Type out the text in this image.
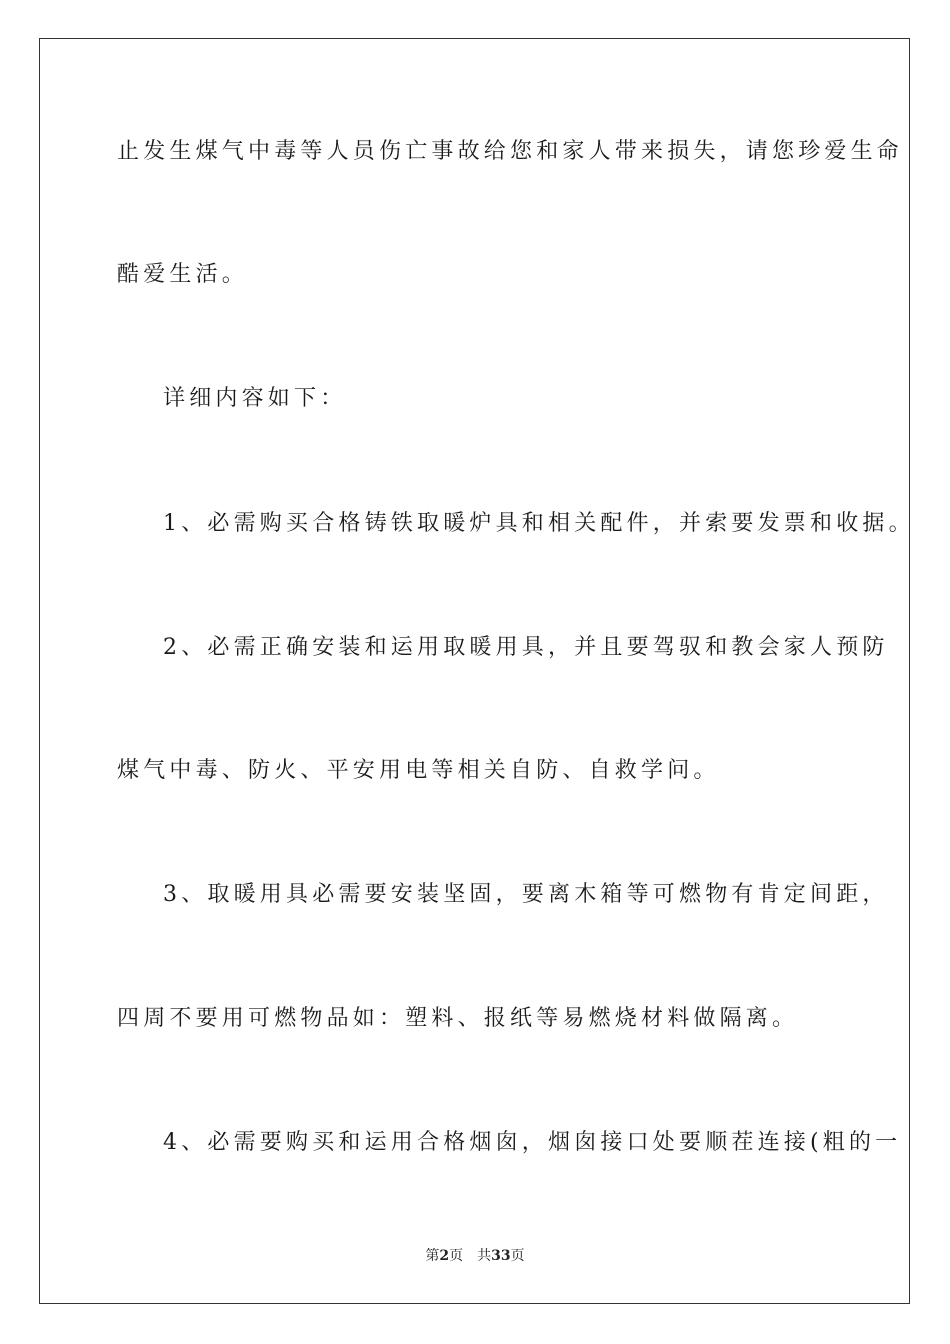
止发生煤气中毒等人员伤亡事故给您和家人带来损失，请您珍爱生命
酷爱生活。
详细内容如下：
1、必需购买合格铸铁取暖炉具和相关配件，并索要发票和收据。
2、必需正确安装和运用取暖用具，并且要驾驭和教会家人预防
煤气中毒、防火、平安用电等相关自防、自救学问。
3、取暖用具必需要安装坚固，要离木箱等可燃物有肯定间距，
四周不要用可燃物品如：塑料、报纸等易燃烧材料做隔离。
4、必需要购买和运用合格烟囱，烟囱接口处要顺茬连接(粗的一
第2页 共33页
